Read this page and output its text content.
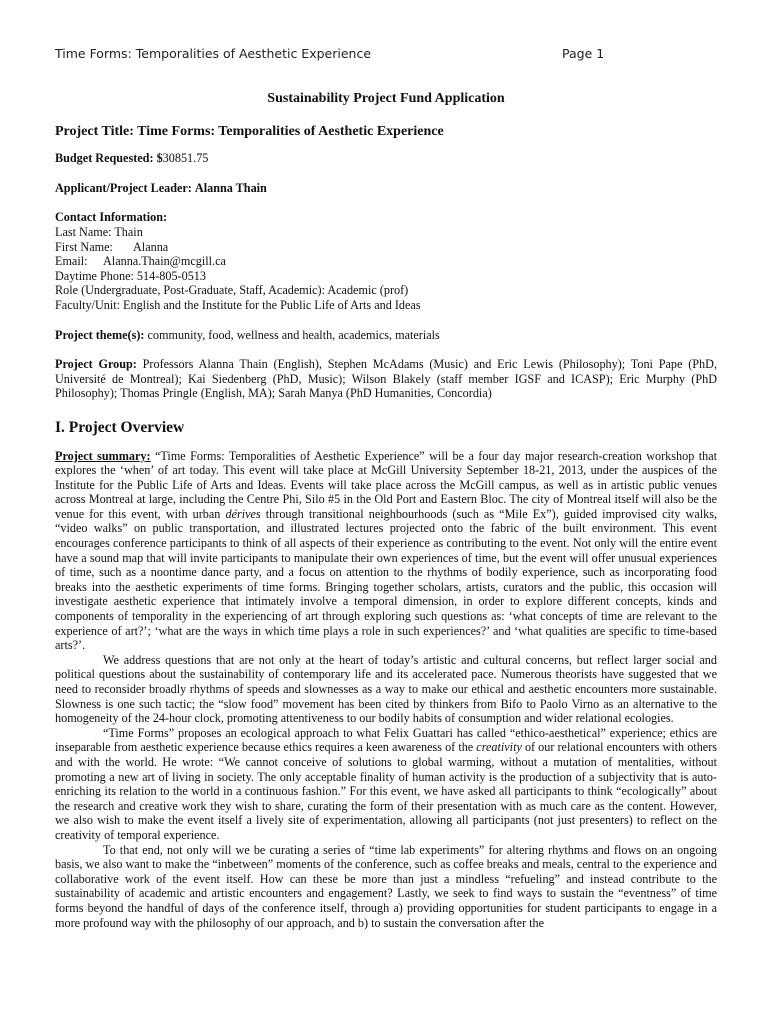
Time Forms: Temporalities of Aesthetic Experience	Page 1

Sustainability Project Fund Application

Project Title: Time Forms: Temporalities of Aesthetic Experience

Budget Requested: $30851.75

Applicant/Project Leader: Alanna Thain

Contact Information:

Last Name: Thain

First Name: Alanna

Email: Alanna.Thain@mcgill.ca

Daytime Phone: 514-805-0513

Role (Undergraduate, Post-Graduate, Staff, Academic): Academic (prof)

Faculty/Unit: English and the Institute for the Public Life of Arts and Ideas

Project theme(s): community, food, wellness and health, academics, materials

Project Group: Professors Alanna Thain (English), Stephen McAdams (Music) and Eric Lewis (Philosophy); Toni Pape (PhD, Université de Montreal); Kai Siedenberg (PhD, Music); Wilson Blakely (staff member IGSF and ICASP); Eric Murphy (PhD Philosophy); Thomas Pringle (English, MA); Sarah Manya (PhD Humanities, Concordia)

I. Project Overview

Project summary: “Time Forms: Temporalities of Aesthetic Experience” will be a four day major research-creation workshop that explores the ‘when’ of art today. This event will take place at McGill University September 18-21, 2013, under the auspices of the Institute for the Public Life of Arts and Ideas. Events will take place across the McGill campus, as well as in artistic public venues across Montreal at large, including the Centre Phi, Silo #5 in the Old Port and Eastern Bloc. The city of Montreal itself will also be the venue for this event, with urban dérives through transitional neighbourhoods (such as “Mile Ex”), guided improvised city walks, “video walks” on public transportation, and illustrated lectures projected onto the fabric of the built environment. This event encourages conference participants to think of all aspects of their experience as contributing to the event. Not only will the entire event have a sound map that will invite participants to manipulate their own experiences of time, but the event will offer unusual experiences of time, such as a noontime dance party, and a focus on attention to the rhythms of bodily experience, such as incorporating food breaks into the aesthetic experiments of time forms. Bringing together scholars, artists, curators and the public, this occasion will investigate aesthetic experience that intimately involve a temporal dimension, in order to explore different concepts, kinds and components of temporality in the experiencing of art through exploring such questions as: ‘what concepts of time are relevant to the experience of art?’; ‘what are the ways in which time plays a role in such experiences?’ and ‘what qualities are specific to time-based arts?’.

We address questions that are not only at the heart of today’s artistic and cultural concerns, but reflect larger social and political questions about the sustainability of contemporary life and its accelerated pace. Numerous theorists have suggested that we need to reconsider broadly rhythms of speeds and slownesses as a way to make our ethical and aesthetic encounters more sustainable. Slowness is one such tactic; the “slow food” movement has been cited by thinkers from Bifo to Paolo Virno as an alternative to the homogeneity of the 24-hour clock, promoting attentiveness to our bodily habits of consumption and wider relational ecologies.

“Time Forms” proposes an ecological approach to what Felix Guattari has called “ethico-aesthetical” experience; ethics are inseparable from aesthetic experience because ethics requires a keen awareness of the creativity of our relational encounters with others and with the world. He wrote: “We cannot conceive of solutions to global warming, without a mutation of mentalities, without promoting a new art of living in society. The only acceptable finality of human activity is the production of a subjectivity that is auto-enriching its relation to the world in a continuous fashion.” For this event, we have asked all participants to think “ecologically” about the research and creative work they wish to share, curating the form of their presentation with as much care as the content. However, we also wish to make the event itself a lively site of experimentation, allowing all participants (not just presenters) to reflect on the creativity of temporal experience.

To that end, not only will we be curating a series of “time lab experiments” for altering rhythms and flows on an ongoing basis, we also want to make the “inbetween” moments of the conference, such as coffee breaks and meals, central to the experience and collaborative work of the event itself. How can these be more than just a mindless “refueling” and instead contribute to the sustainability of academic and artistic encounters and engagement? Lastly, we seek to find ways to sustain the “eventness” of time forms beyond the handful of days of the conference itself, through a) providing opportunities for student participants to engage in a more profound way with the philosophy of our approach, and b) to sustain the conversation after the
